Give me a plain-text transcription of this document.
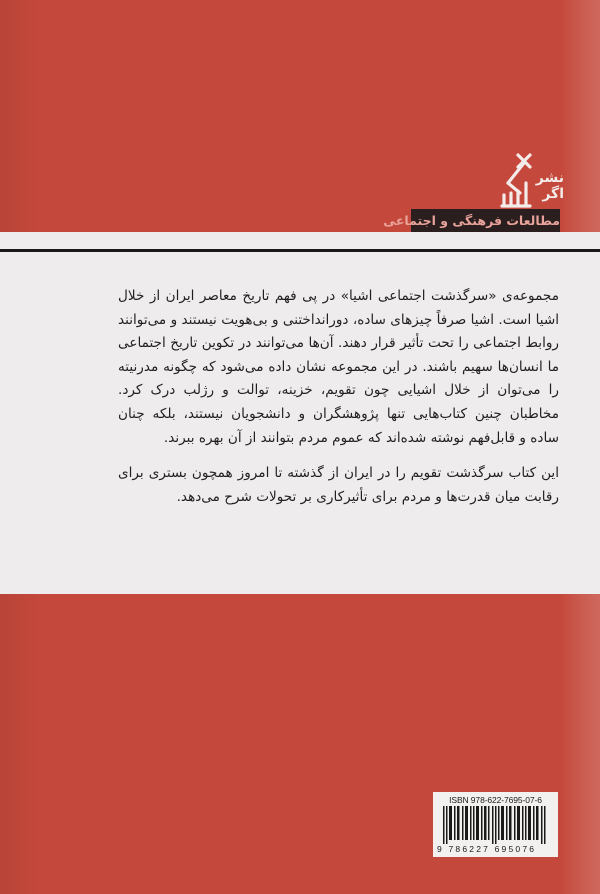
نشر
اگر
مطالعات فرهنگی و اجتماعی

مجموعه‌ی «سرگذشت اجتماعی اشیا» در پی فهم تاریخ معاصر ایران از خلال اشیا است. اشیا صرفاً چیزهای ساده، دورانداختنی و بی‌هویت نیستند و می‌توانند روابط اجتماعی را تحت تأثیر قرار دهند. آن‌ها می‌توانند در تکوین تاریخ اجتماعی ما انسان‌ها سهیم باشند. در این مجموعه نشان داده می‌شود که چگونه مدرنیته را می‌توان از خلال اشیایی چون تقویم، خزینه، توالت و رژلب درک کرد. مخاطبان چنین کتاب‌هایی تنها پژوهشگران و دانشجویان نیستند، بلکه چنان ساده و قابل‌فهم نوشته شده‌اند که عموم مردم بتوانند از آن بهره ببرند.

این کتاب سرگذشت تقویم را در ایران از گذشته تا امروز همچون بستری برای رقابت میان قدرت‌ها و مردم برای تأثیرکاری بر تحولات شرح می‌دهد.

ISBN 978-622-7695-07-6
9 786227 695076
